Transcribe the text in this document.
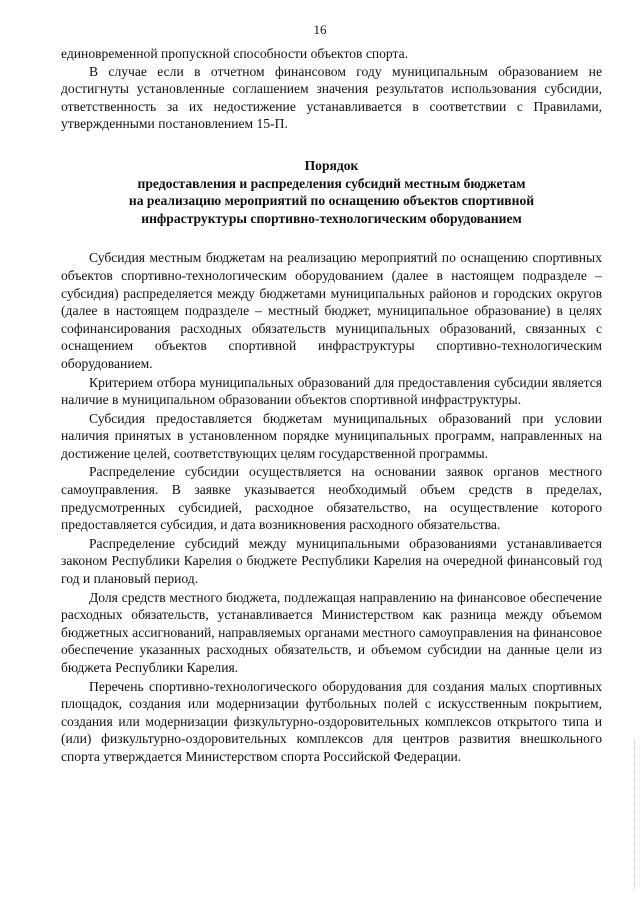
16

единовременной пропускной способности объектов спорта.

В случае если в отчетном финансовом году муниципальным образованием не достигнуты установленные соглашением значения результатов использования субсидии, ответственность за их недостижение устанавливается в соответствии с Правилами, утвержденными постановлением 15-П.

Порядок
предоставления и распределения субсидий местным бюджетам
на реализацию мероприятий по оснащению объектов спортивной
инфраструктуры спортивно-технологическим оборудованием

Субсидия местным бюджетам на реализацию мероприятий по оснащению спортивных объектов спортивно-технологическим оборудованием (далее в настоящем подразделе – субсидия) распределяется между бюджетами муниципальных районов и городских округов (далее в настоящем подразделе – местный бюджет, муниципальное образование) в целях софинансирования расходных обязательств муниципальных образований, связанных с оснащением объектов спортивной инфраструктуры спортивно-технологическим оборудованием.

Критерием отбора муниципальных образований для предоставления субсидии является наличие в муниципальном образовании объектов спортивной инфраструктуры.

Субсидия предоставляется бюджетам муниципальных образований при условии наличия принятых в установленном порядке муниципальных программ, направленных на достижение целей, соответствующих целям государственной программы.

Распределение субсидии осуществляется на основании заявок органов местного самоуправления. В заявке указывается необходимый объем средств в пределах, предусмотренных субсидией, расходное обязательство, на осуществление которого предоставляется субсидия, и дата возникновения расходного обязательства.

Распределение субсидий между муниципальными образованиями устанавливается законом Республики Карелия о бюджете Республики Карелия на очередной финансовый год год и плановый период.

Доля средств местного бюджета, подлежащая направлению на финансовое обеспечение расходных обязательств, устанавливается Министерством как разница между объемом бюджетных ассигнований, направляемых органами местного самоуправления на финансовое обеспечение указанных расходных обязательств, и объемом субсидии на данные цели из бюджета Республики Карелия.

Перечень спортивно-технологического оборудования для создания малых спортивных площадок, создания или модернизации футбольных полей с искусственным покрытием, создания или модернизации физкультурно-оздоровительных комплексов открытого типа и (или) физкультурно-оздоровительных комплексов для центров развития внешкольного спорта утверждается Министерством спорта Российской Федерации.
